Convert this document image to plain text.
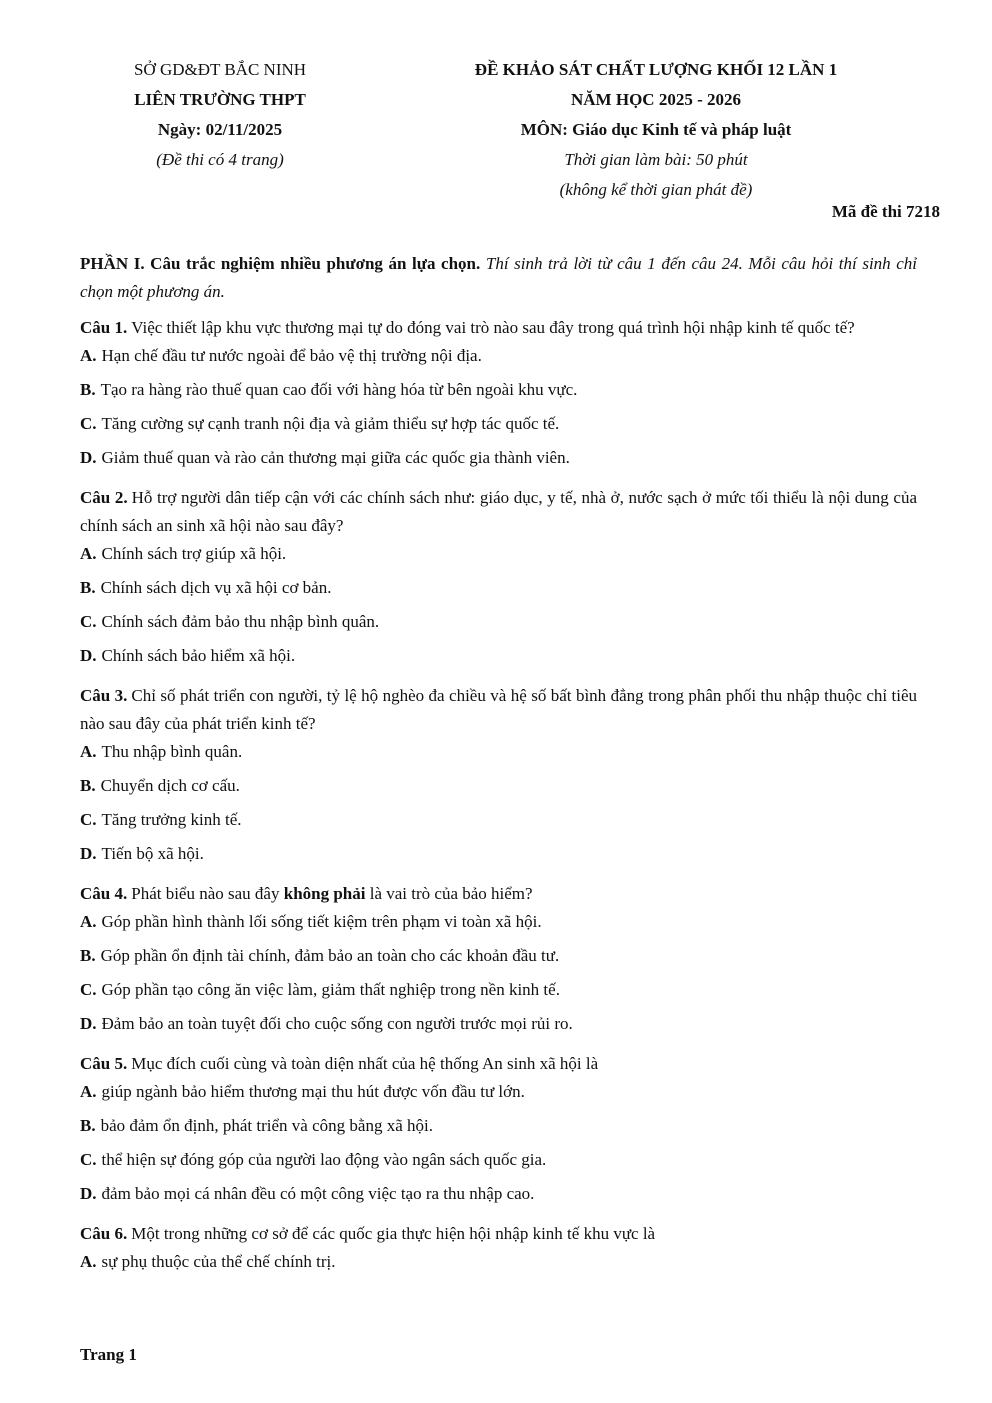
SỞ GD&ĐT BẮC NINH
LIÊN TRƯỜNG THPT
Ngày: 02/11/2025
(Đề thi có 4 trang)
ĐỀ KHẢO SÁT CHẤT LƯỢNG KHỐI 12 LẦN 1
NĂM HỌC 2025 - 2026
MÔN: Giáo dục Kinh tế và pháp luật
Thời gian làm bài: 50 phút
(không kể thời gian phát đề)
Mã đề thi 7218

PHẦN I. Câu trắc nghiệm nhiều phương án lựa chọn. Thí sinh trả lời từ câu 1 đến câu 24. Mỗi câu hỏi thí sinh chỉ chọn một phương án.

Câu 1. Việc thiết lập khu vực thương mại tự do đóng vai trò nào sau đây trong quá trình hội nhập kinh tế quốc tế?

A. Hạn chế đầu tư nước ngoài để bảo vệ thị trường nội địa.
B. Tạo ra hàng rào thuế quan cao đối với hàng hóa từ bên ngoài khu vực.
C. Tăng cường sự cạnh tranh nội địa và giảm thiểu sự hợp tác quốc tế.
D. Giảm thuế quan và rào cản thương mại giữa các quốc gia thành viên.

Câu 2. Hỗ trợ người dân tiếp cận với các chính sách như: giáo dục, y tế, nhà ở, nước sạch ở mức tối thiểu là nội dung của chính sách an sinh xã hội nào sau đây?

A. Chính sách trợ giúp xã hội.
B. Chính sách dịch vụ xã hội cơ bản.
C. Chính sách đảm bảo thu nhập bình quân.
D. Chính sách bảo hiểm xã hội.

Câu 3. Chỉ số phát triển con người, tỷ lệ hộ nghèo đa chiều và hệ số bất bình đẳng trong phân phối thu nhập thuộc chỉ tiêu nào sau đây của phát triển kinh tế?

A. Thu nhập bình quân.
B. Chuyển dịch cơ cấu.
C. Tăng trưởng kinh tế.
D. Tiến bộ xã hội.

Câu 4. Phát biểu nào sau đây không phải là vai trò của bảo hiểm?

A. Góp phần hình thành lối sống tiết kiệm trên phạm vi toàn xã hội.
B. Góp phần ổn định tài chính, đảm bảo an toàn cho các khoản đầu tư.
C. Góp phần tạo công ăn việc làm, giảm thất nghiệp trong nền kinh tế.
D. Đảm bảo an toàn tuyệt đối cho cuộc sống con người trước mọi rủi ro.

Câu 5. Mục đích cuối cùng và toàn diện nhất của hệ thống An sinh xã hội là

A. giúp ngành bảo hiểm thương mại thu hút được vốn đầu tư lớn.
B. bảo đảm ổn định, phát triển và công bằng xã hội.
C. thể hiện sự đóng góp của người lao động vào ngân sách quốc gia.
D. đảm bảo mọi cá nhân đều có một công việc tạo ra thu nhập cao.

Câu 6. Một trong những cơ sở để các quốc gia thực hiện hội nhập kinh tế khu vực là

A. sự phụ thuộc của thể chế chính trị.
Trang 1
